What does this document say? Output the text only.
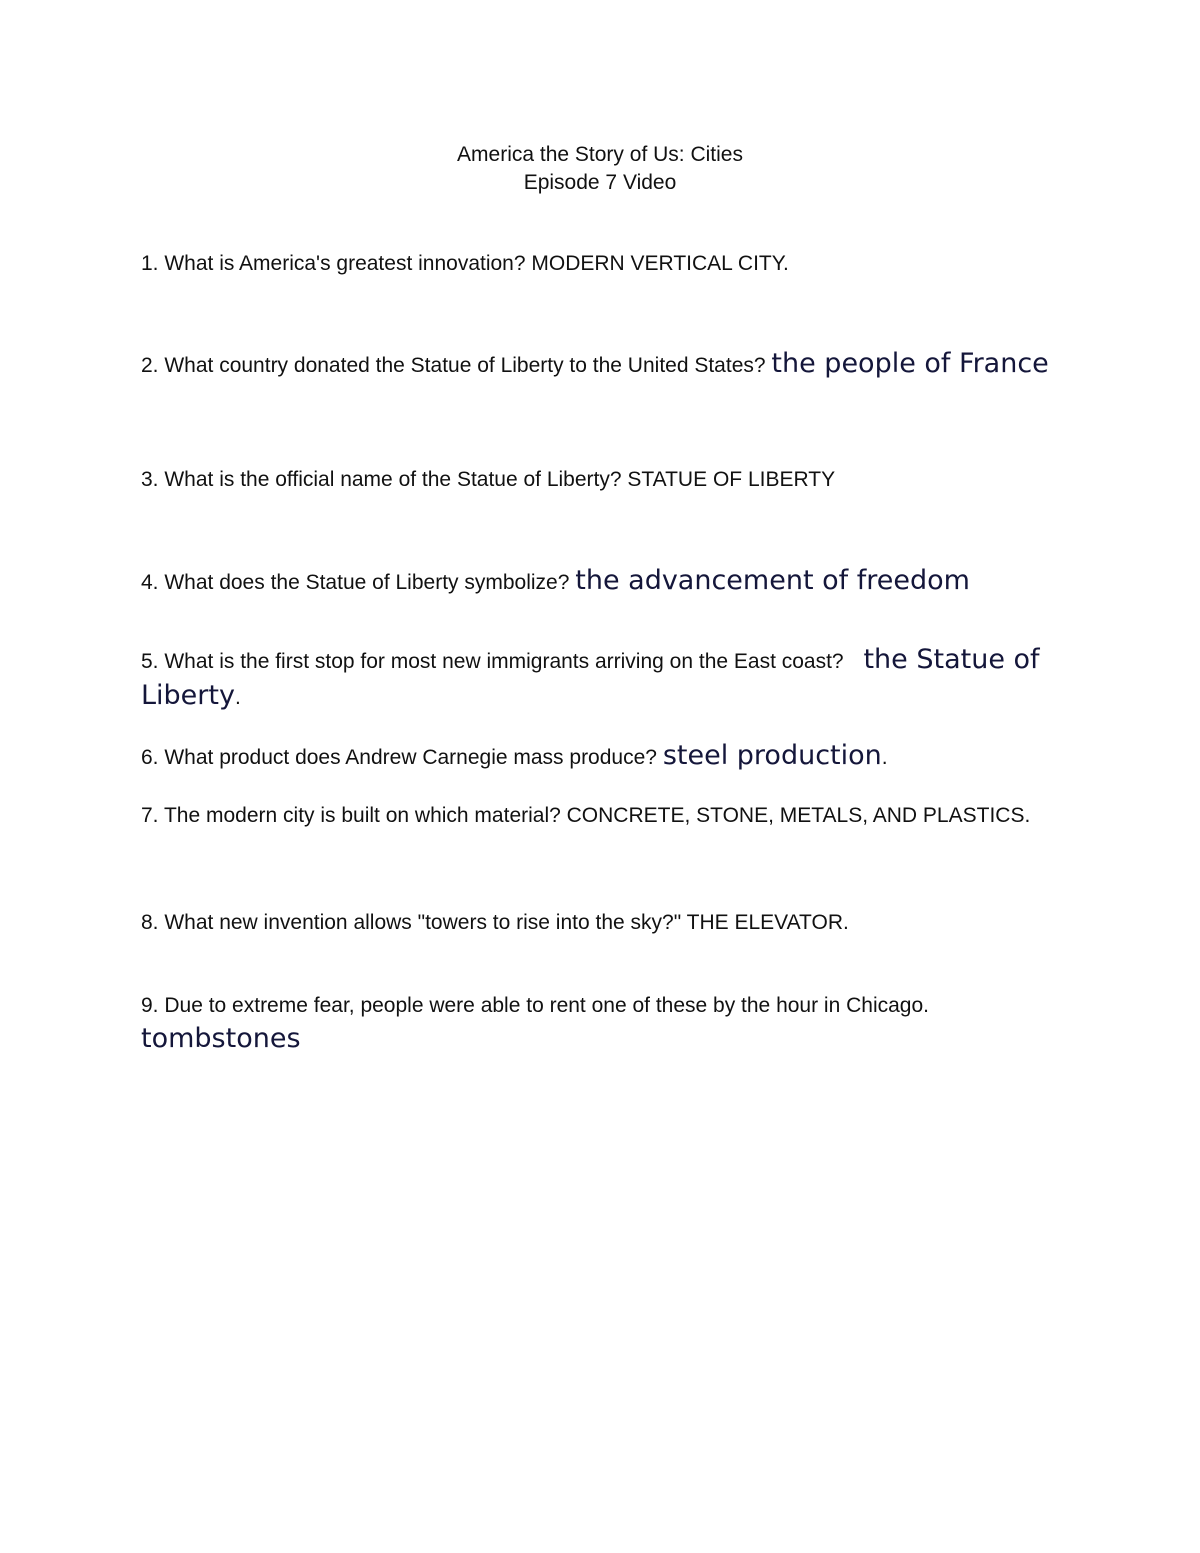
America the Story of Us: Cities
Episode 7 Video
1. What is America's greatest innovation? MODERN VERTICAL CITY.
2. What country donated the Statue of Liberty to the United States? the people of France
3. What is the official name of the Statue of Liberty? STATUE OF LIBERTY
4. What does the Statue of Liberty symbolize? the advancement of freedom
5. What is the first stop for most new immigrants arriving on the East coast? the Statue of Liberty.
6. What product does Andrew Carnegie mass produce? steel production.
7. The modern city is built on which material? CONCRETE, STONE, METALS, AND PLASTICS.
8. What new invention allows "towers to rise into the sky?" THE ELEVATOR.
9. Due to extreme fear, people were able to rent one of these by the hour in Chicago. tombstones
